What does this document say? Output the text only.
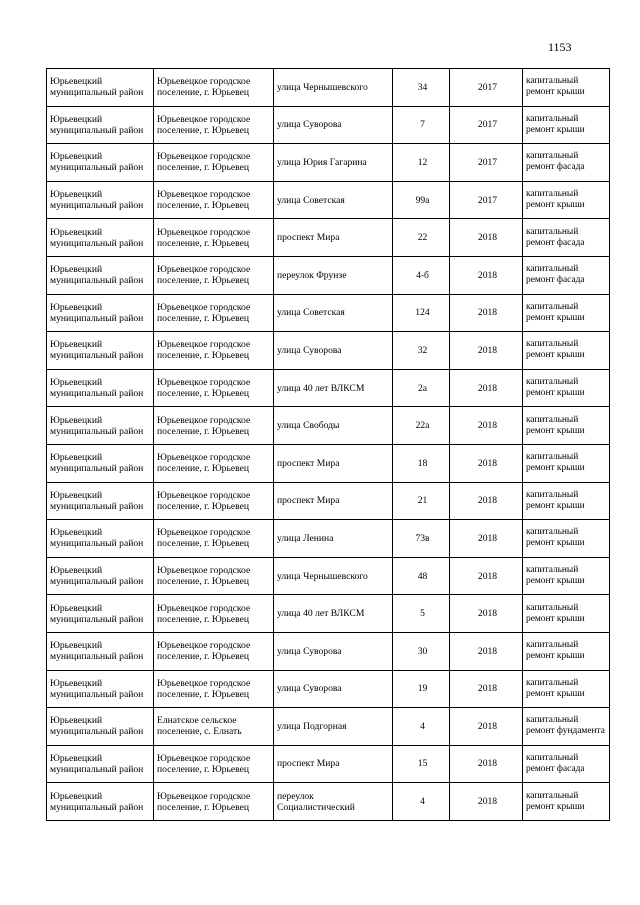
1153
Юрьевецкий муниципальный район	Юрьевецкое городское поселение, г. Юрьевец	улица Чернышевского	34	2017	капитальный ремонт крыши
Юрьевецкий муниципальный район	Юрьевецкое городское поселение, г. Юрьевец	улица Суворова	7	2017	капитальный ремонт крыши
Юрьевецкий муниципальный район	Юрьевецкое городское поселение, г. Юрьевец	улица Юрия Гагарина	12	2017	капитальный ремонт фасада
Юрьевецкий муниципальный район	Юрьевецкое городское поселение, г. Юрьевец	улица Советская	99а	2017	капитальный ремонт крыши
Юрьевецкий муниципальный район	Юрьевецкое городское поселение, г. Юрьевец	проспект Мира	22	2018	капитальный ремонт фасада
Юрьевецкий муниципальный район	Юрьевецкое городское поселение, г. Юрьевец	переулок Фрунзе	4-б	2018	капитальный ремонт фасада
Юрьевецкий муниципальный район	Юрьевецкое городское поселение, г. Юрьевец	улица Советская	124	2018	капитальный ремонт крыши
Юрьевецкий муниципальный район	Юрьевецкое городское поселение, г. Юрьевец	улица Суворова	32	2018	капитальный ремонт крыши
Юрьевецкий муниципальный район	Юрьевецкое городское поселение, г. Юрьевец	улица 40 лет ВЛКСМ	2а	2018	капитальный ремонт крыши
Юрьевецкий муниципальный район	Юрьевецкое городское поселение, г. Юрьевец	улица Свободы	22а	2018	капитальный ремонт крыши
Юрьевецкий муниципальный район	Юрьевецкое городское поселение, г. Юрьевец	проспект Мира	18	2018	капитальный ремонт крыши
Юрьевецкий муниципальный район	Юрьевецкое городское поселение, г. Юрьевец	проспект Мира	21	2018	капитальный ремонт крыши
Юрьевецкий муниципальный район	Юрьевецкое городское поселение, г. Юрьевец	улица Ленина	73в	2018	капитальный ремонт крыши
Юрьевецкий муниципальный район	Юрьевецкое городское поселение, г. Юрьевец	улица Чернышевского	48	2018	капитальный ремонт крыши
Юрьевецкий муниципальный район	Юрьевецкое городское поселение, г. Юрьевец	улица 40 лет ВЛКСМ	5	2018	капитальный ремонт крыши
Юрьевецкий муниципальный район	Юрьевецкое городское поселение, г. Юрьевец	улица Суворова	30	2018	капитальный ремонт крыши
Юрьевецкий муниципальный район	Юрьевецкое городское поселение, г. Юрьевец	улица Суворова	19	2018	капитальный ремонт крыши
Юрьевецкий муниципальный район	Елнатское сельское поселение, с. Елнать	улица Подгорная	4	2018	капитальный ремонт фундамента
Юрьевецкий муниципальный район	Юрьевецкое городское поселение, г. Юрьевец	проспект Мира	15	2018	капитальный ремонт фасада
Юрьевецкий муниципальный район	Юрьевецкое городское поселение, г. Юрьевец	переулок Социалистический	4	2018	капитальный ремонт крыши
